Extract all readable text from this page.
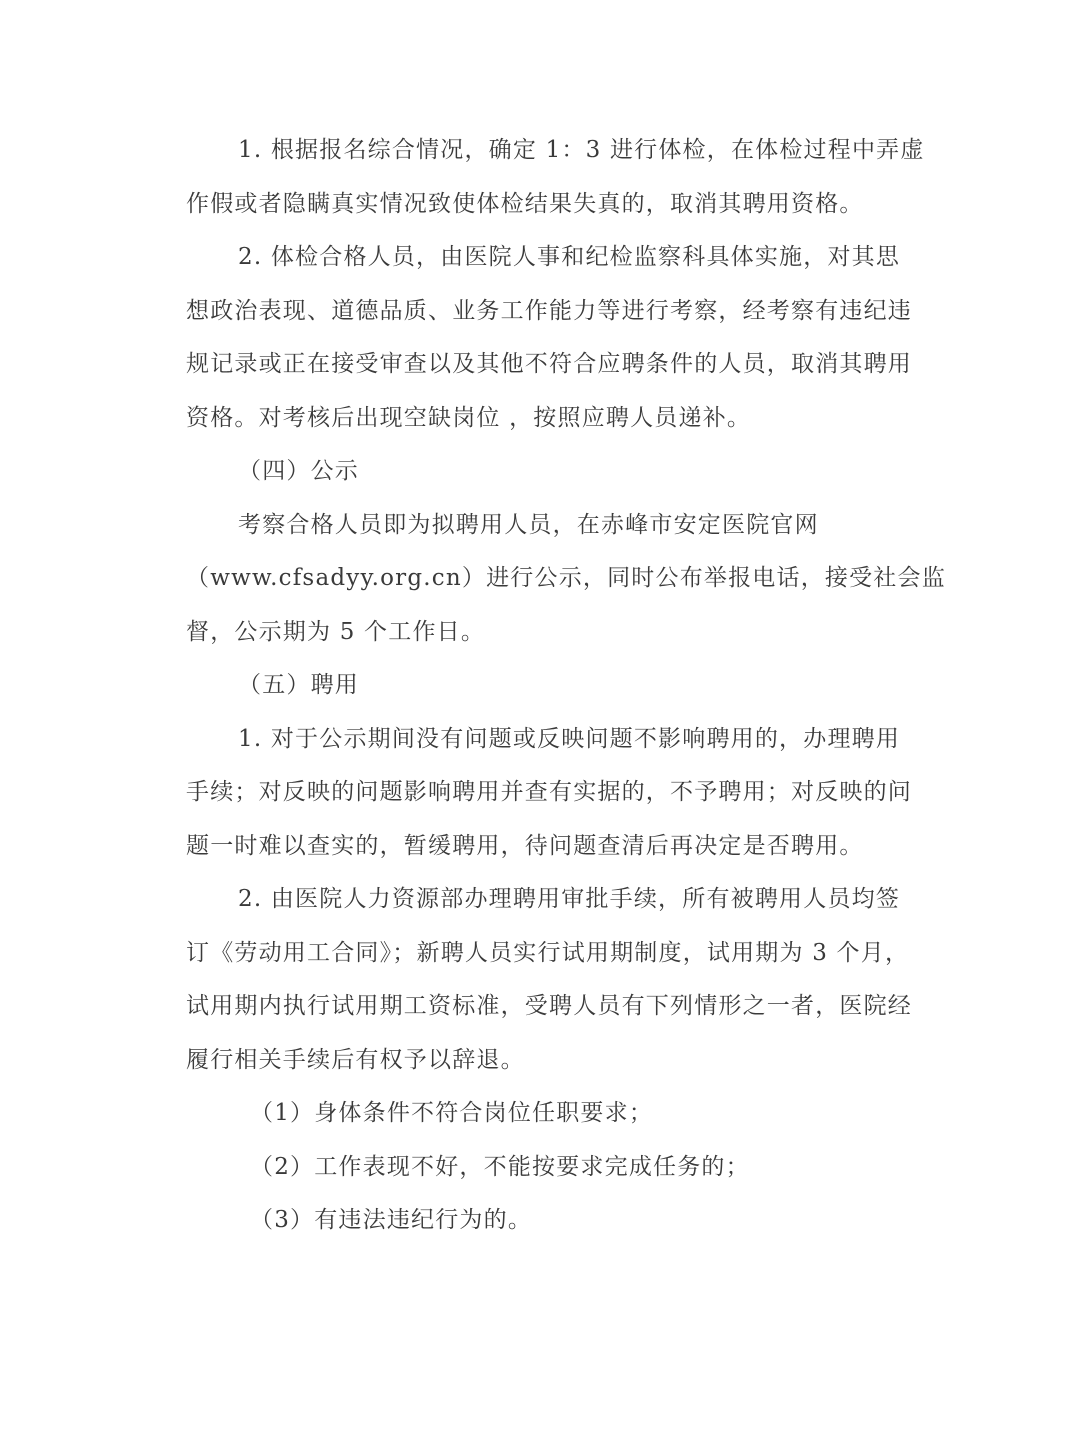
1. 根据报名综合情况，确定 1：3 进行体检，在体检过程中弄虚
作假或者隐瞒真实情况致使体检结果失真的，取消其聘用资格。
2. 体检合格人员，由医院人事和纪检监察科具体实施，对其思
想政治表现、道德品质、业务工作能力等进行考察，经考察有违纪违
规记录或正在接受审查以及其他不符合应聘条件的人员，取消其聘用
资格。对考核后出现空缺岗位 ，按照应聘人员递补。
（四）公示
考察合格人员即为拟聘用人员，在赤峰市安定医院官网
（www.cfsadyy.org.cn）进行公示，同时公布举报电话，接受社会监
督，公示期为 5 个工作日。
（五）聘用
1. 对于公示期间没有问题或反映问题不影响聘用的，办理聘用
手续；对反映的问题影响聘用并查有实据的，不予聘用；对反映的问
题一时难以查实的，暂缓聘用，待问题查清后再决定是否聘用。
2. 由医院人力资源部办理聘用审批手续，所有被聘用人员均签
订《劳动用工合同》；新聘人员实行试用期制度，试用期为 3 个月，
试用期内执行试用期工资标准，受聘人员有下列情形之一者，医院经
履行相关手续后有权予以辞退。
（1）身体条件不符合岗位任职要求；
（2）工作表现不好，不能按要求完成任务的；
（3）有违法违纪行为的。
